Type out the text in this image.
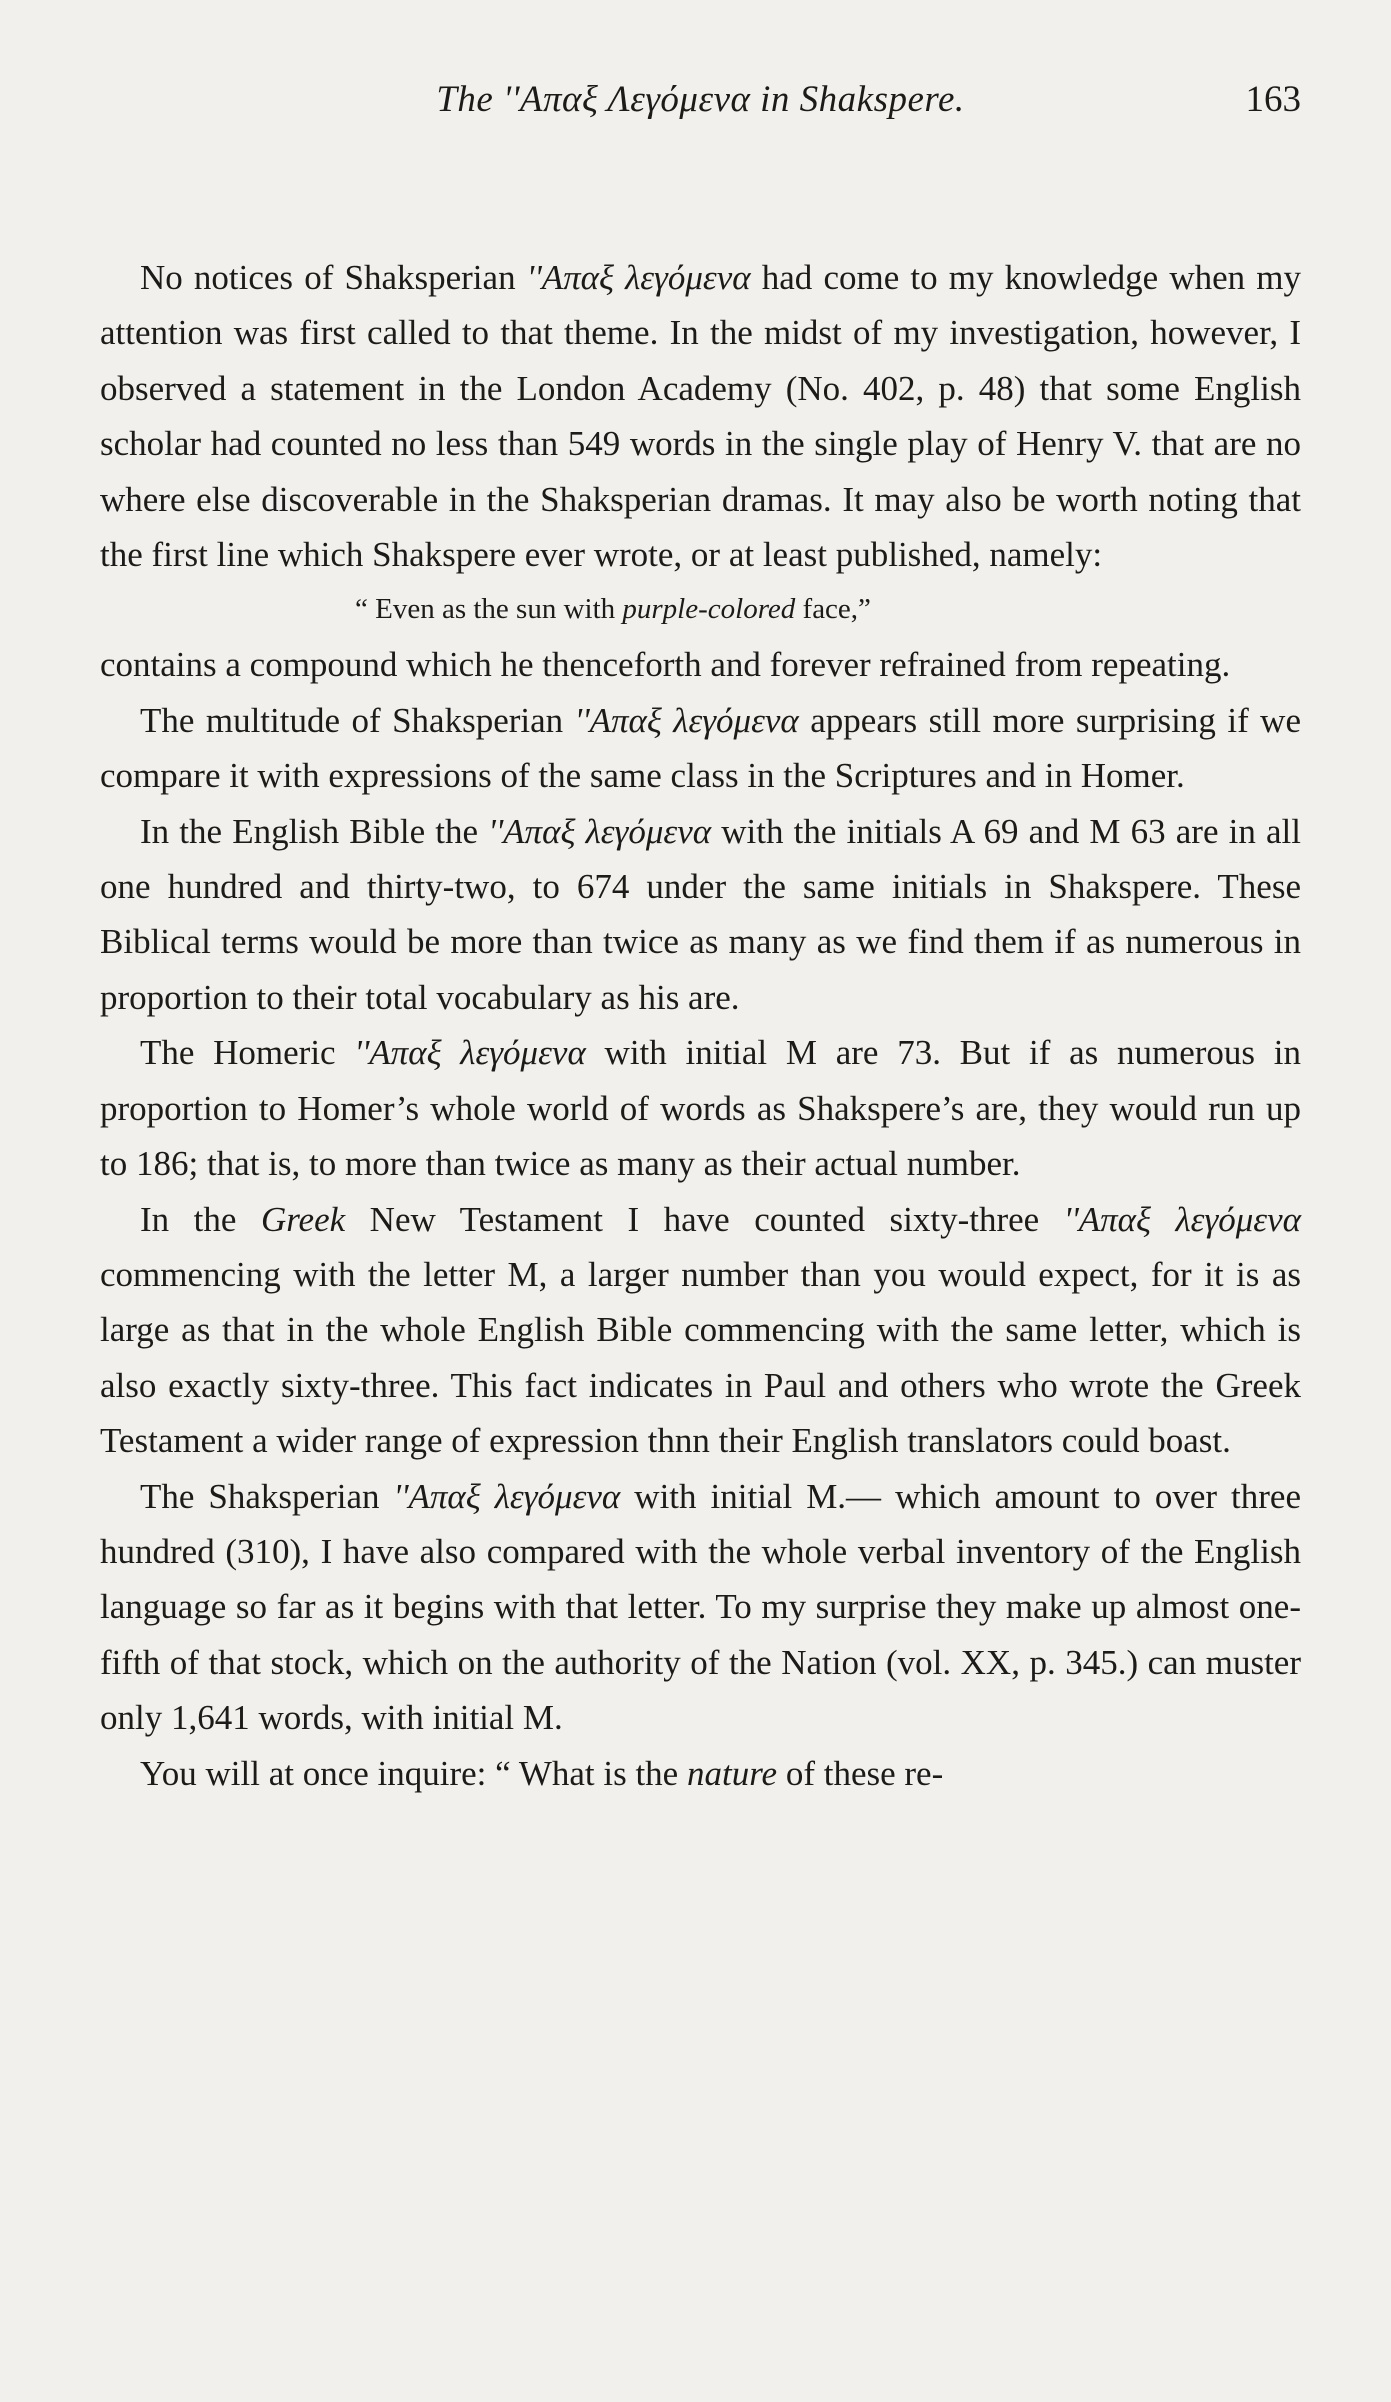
The ''Aπαξ Λεγόμενα in Shakspere.	163

No notices of Shaksperian ''Aπαξ λεγόμενα had come to my knowledge when my attention was first called to that theme. In the midst of my investigation, however, I observed a statement in the London Academy (No. 402, p. 48) that some English scholar had counted no less than 549 words in the single play of Henry V. that are no where else discoverable in the Shaksperian dramas. It may also be worth noting that the first line which Shakspere ever wrote, or at least published, namely:

“ Even as the sun with purple-colored face,”

contains a compound which he thenceforth and forever refrained from repeating.

The multitude of Shaksperian ''Aπαξ λεγόμενα appears still more surprising if we compare it with expressions of the same class in the Scriptures and in Homer.

In the English Bible the ''Aπαξ λεγόμενα with the initials A 69 and M 63 are in all one hundred and thirty-two, to 674 under the same initials in Shakspere. These Biblical terms would be more than twice as many as we find them if as numerous in proportion to their total vocabulary as his are.

The Homeric ''Aπαξ λεγόμενα with initial M are 73. But if as numerous in proportion to Homer’s whole world of words as Shakspere’s are, they would run up to 186; that is, to more than twice as many as their actual number.

In the Greek New Testament I have counted sixty-three ''Aπαξ λεγόμενα commencing with the letter M, a larger number than you would expect, for it is as large as that in the whole English Bible commencing with the same letter, which is also exactly sixty-three. This fact indicates in Paul and others who wrote the Greek Testament a wider range of expression thnn their English translators could boast.

The Shaksperian ''Aπαξ λεγόμενα with initial M.— which amount to over three hundred (310), I have also compared with the whole verbal inventory of the English language so far as it begins with that letter. To my surprise they make up almost one-fifth of that stock, which on the authority of the Nation (vol. XX, p. 345.) can muster only 1,641 words, with initial M.

You will at once inquire: “ What is the nature of these re-
